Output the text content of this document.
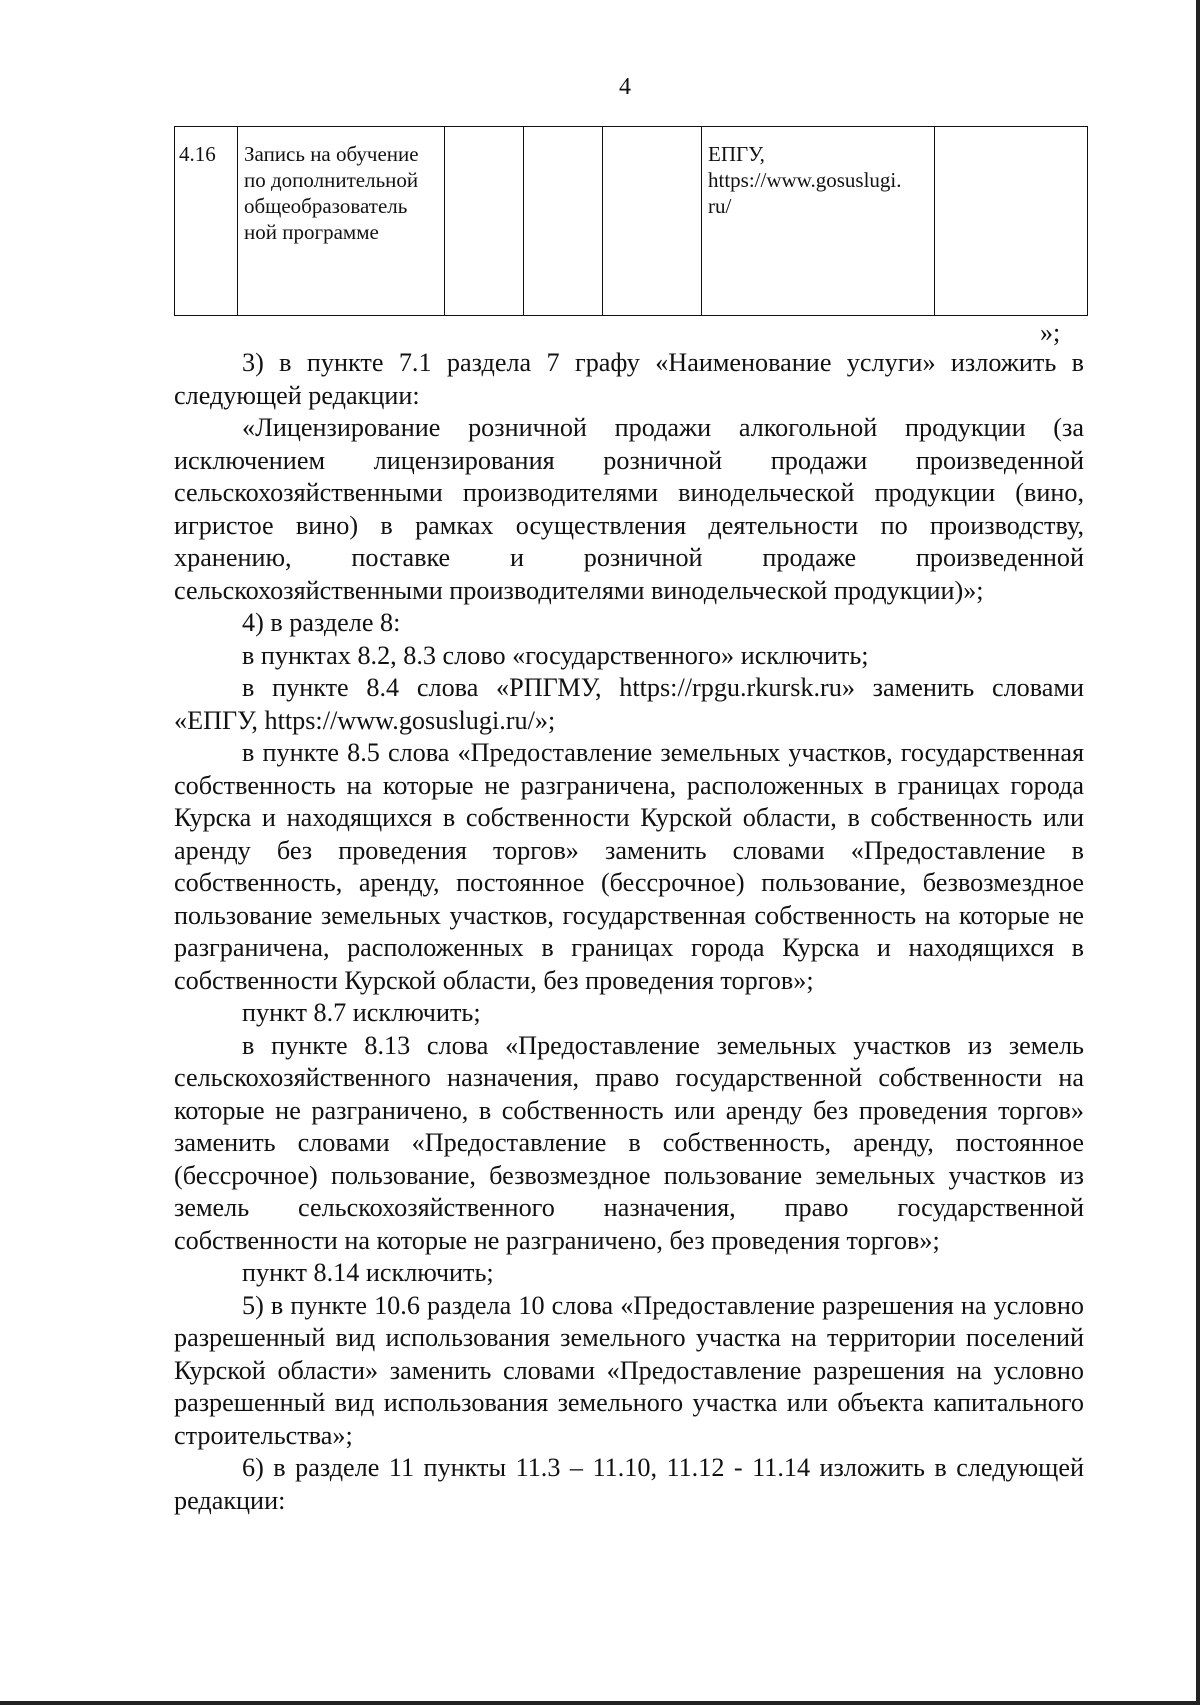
4
4.16	Запись на обучение по дополнительной общеобразователь ной программе				ЕПГУ, https://www.gosuslugi. ru/	
»;

3) в пункте 7.1 раздела 7 графу «Наименование услуги» изложить в следующей редакции:

«Лицензирование розничной продажи алкогольной продукции (за исключением лицензирования розничной продажи произведенной сельскохозяйственными производителями винодельческой продукции (вино, игристое вино) в рамках осуществления деятельности по производству, хранению, поставке и розничной продаже произведенной сельскохозяйственными производителями винодельческой продукции)»;

4) в разделе 8:

в пунктах 8.2, 8.3 слово «государственного» исключить;

в пункте 8.4 слова «РПГМУ, https://rpgu.rkursk.ru» заменить словами «ЕПГУ, https://www.gosuslugi.ru/»;

в пункте 8.5 слова «Предоставление земельных участков, государственная собственность на которые не разграничена, расположенных в границах города Курска и находящихся в собственности Курской области, в собственность или аренду без проведения торгов» заменить словами «Предоставление в собственность, аренду, постоянное (бессрочное) пользование, безвозмездное пользование земельных участков, государственная собственность на которые не разграничена, расположенных в границах города Курска и находящихся в собственности Курской области, без проведения торгов»;

пункт 8.7 исключить;

в пункте 8.13 слова «Предоставление земельных участков из земель сельскохозяйственного назначения, право государственной собственности на которые не разграничено, в собственность или аренду без проведения торгов» заменить словами «Предоставление в собственность, аренду, постоянное (бессрочное) пользование, безвозмездное пользование земельных участков из земель сельскохозяйственного назначения, право государственной собственности на которые не разграничено, без проведения торгов»;

пункт 8.14 исключить;

5) в пункте 10.6 раздела 10 слова «Предоставление разрешения на условно разрешенный вид использования земельного участка на территории поселений Курской области» заменить словами «Предоставление разрешения на условно разрешенный вид использования земельного участка или объекта капитального строительства»;

6) в разделе 11 пункты 11.3 – 11.10, 11.12 - 11.14 изложить в следующей редакции:
